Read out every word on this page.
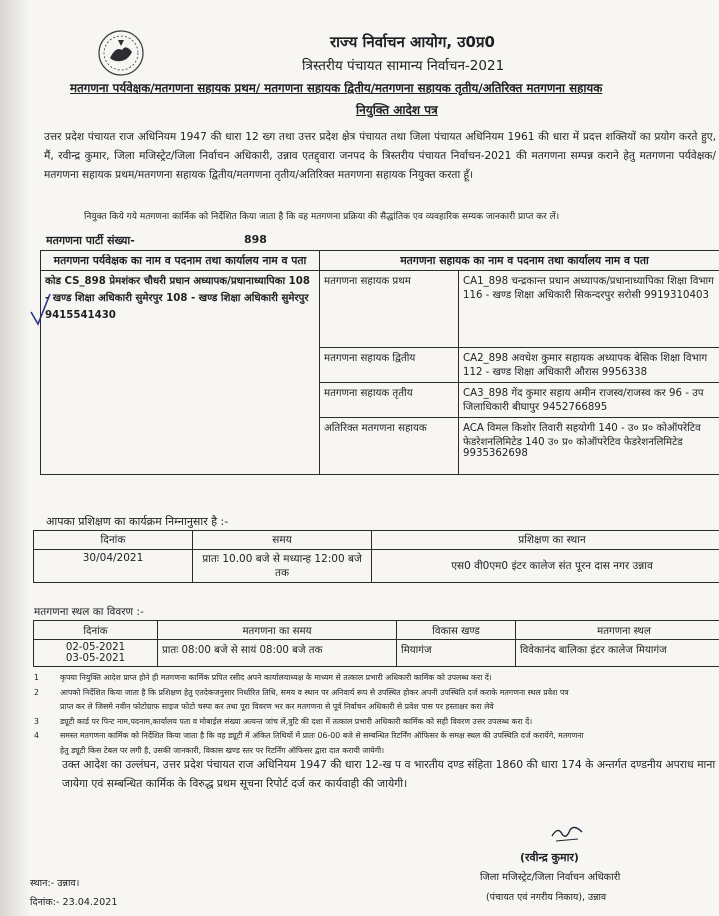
राज्य निर्वाचन आयोग, उ0प्र0
त्रिस्तरीय पंचायत सामान्य निर्वाचन-2021
मतगणना पर्यवेक्षक/मतगणना सहायक प्रथम/ मतगणना सहायक द्वितीय/मतगणना सहायक तृतीय/अतिरिक्त मतगणना सहायक
नियुक्ति आदेश पत्र
उत्तर प्रदेश पंचायत राज अधिनियम 1947 की धारा 12 ख्ग तथा उत्तर प्रदेश क्षेत्र पंचायत तथा जिला पंचायत अधिनियम 1961 की धारा में प्रदत्त शक्तियों का प्रयोग करते हुए, मैं, रवीन्द्र कुमार, जिला मजिस्ट्रेट/जिला निर्वाचन अधिकारी, उन्नाव एतद्द्वारा जनपद के त्रिस्तरीय पंचायत निर्वाचन-2021 की मतगणना सम्पन्न कराने हेतु मतगणना पर्यवेक्षक/मतगणना सहायक प्रथम/मतगणना सहायक द्वितीय/मतगणना तृतीय/अतिरिक्त मतगणना सहायक नियुक्त करता हूँ।
नियुक्त किये गये मतगणना कार्मिक को निर्देशित किया जाता है कि वह मतगणना प्रक्रिया की सैद्धांतिक एव व्यवहारिक सम्यक जानकारी प्राप्त कर लें।
मतगणना पार्टी संख्या-	898
मतगणना पर्यवेक्षक का नाम व पदनाम तथा कार्यालय नाम व पता	मतगणना सहायक का नाम व पदनाम तथा कार्यालय नाम व पता	
कोड CS_898 प्रेमशंकर चौधरी प्रधान अध्यापक/प्रधानाध्यापिका 108 - खण्ड शिक्षा अधिकारी सुमेरपुर 108 - खण्ड शिक्षा अधिकारी सुमेरपुर 9415541430	मतगणना सहायक प्रथम	CA1_898 चन्द्रकान्त प्रधान अध्यापक/प्रधानाध्यापिका शिक्षा विभाग 116 - खण्ड शिक्षा अधिकारी सिकन्दरपुर सरोसी 9919310403
	मतगणना सहायक द्वितीय	CA2_898 अवधेश कुमार सहायक अध्यापक बेसिक शिक्षा विभाग 112 - खण्ड शिक्षा अधिकारी औरास 9956338
	मतगणना सहायक तृतीय	CA3_898 गेंद कुमार सहाय अमीन राजस्व/राजस्व कर 96 - उप जिलाधिकारी बीघापुर 9452766895
	अतिरिक्त मतगणना सहायक	ACA विमल किशोर तिवारी सहयोगी 140 - उ० प्र० कोऑपरेटिव फेडरेशनलिमिटेड 140 उ० प्र० कोऑपरेटिव फेडरेशनलिमिटेड 9935362698
आपका प्रशिक्षण का कार्यक्रम निम्नानुसार है :-
दिनांक	समय	प्रशिक्षण का स्थान
30/04/2021	प्रातः 10.00 बजे से मध्यान्ह 12:00 बजे तक	एस0 वी0एम0 इंटर कालेज संत पूरन दास नगर उन्नाव
मतगणना स्थल का विवरण :-
दिनांक	मतगणना का समय	विकास खण्ड	मतगणना स्थल

02-05-2021
03-05-2021	प्रातः 08:00 बजे से सायं 08:00 बजे तक	मियागंज	विवेकानंद बालिका इंटर कालेज मियागंज
1	कृपया नियुक्ति आदेश प्राप्त होने ही मतगणना कार्मिक प्रपित रसीद अपने कार्यालयाध्यक्ष के माध्यम से तत्काल प्रभारी अधिकारी कार्मिक को उपलब्ध करा दें।
2	आपको निर्देशित किया जाता है कि प्रशिक्षण हेतु एतदेकजनुसार निर्धारित तिथि, समय व स्थान पर अनिवार्य रूप से उपस्थित होकर अपनी उपस्थिति दर्ज कराके मतगणना स्थल प्रवेश पत्र
प्राप्त कर ले जिसमे नवीन फोटोग्राफ साइज फोटो चस्पा कर तथा पूरा विवरण भर कर मतगणना से पूर्व निर्वाचन अधिकारी से प्रवेश पास पर हस्ताक्षर करा लेवे
3	ड्यूटी कार्ड पर पिन्ट नाम,पदनाम,कार्यालय पता व मोबाईल संख्या अत्यन्त जांच लें,त्रुटि की दशा में तत्काल प्रभारी अधिकारी कार्मिक को सही विवरण उत्तर उपलब्ध करा दें।
4	समस्त मतगणना कार्मिक को निर्देशित किया जाता है कि वह ड्यूटी में अंकित तिथियों में प्रातः 06-00 बजे से सम्बन्धित रिटर्निंग ऑफिसर के समक्ष स्थल की उपस्थिति दर्ज करायेंगे, मतगणना
हेतु ड्यूटी किस टेबल पर लगी है, उसकी जानकारी, विकास खण्ड स्तर पर रिटर्निंग ऑफिसर द्वारा दात करायी जायेगी।
उक्त आदेश का उल्लंघन, उत्तर प्रदेश पंचायत राज अधिनियम 1947 की धारा 12-ख प व भारतीय दण्ड संहिता 1860 की धारा 174 के अन्तर्गत दण्डनीय अपराध माना जायेगा एवं सम्बन्धित कार्मिक के विरुद्ध प्रथम सूचना रिपोर्ट दर्ज कर कार्यवाही की जायेगी।
(रवीन्द्र कुमार)
जिला मजिस्ट्रेट/जिला निर्वाचन अधिकारी
(पंचायत एवं नगरीय निकाय), उन्नाव
स्थान:- उन्नाव।
दिनांक:- 23.04.2021
